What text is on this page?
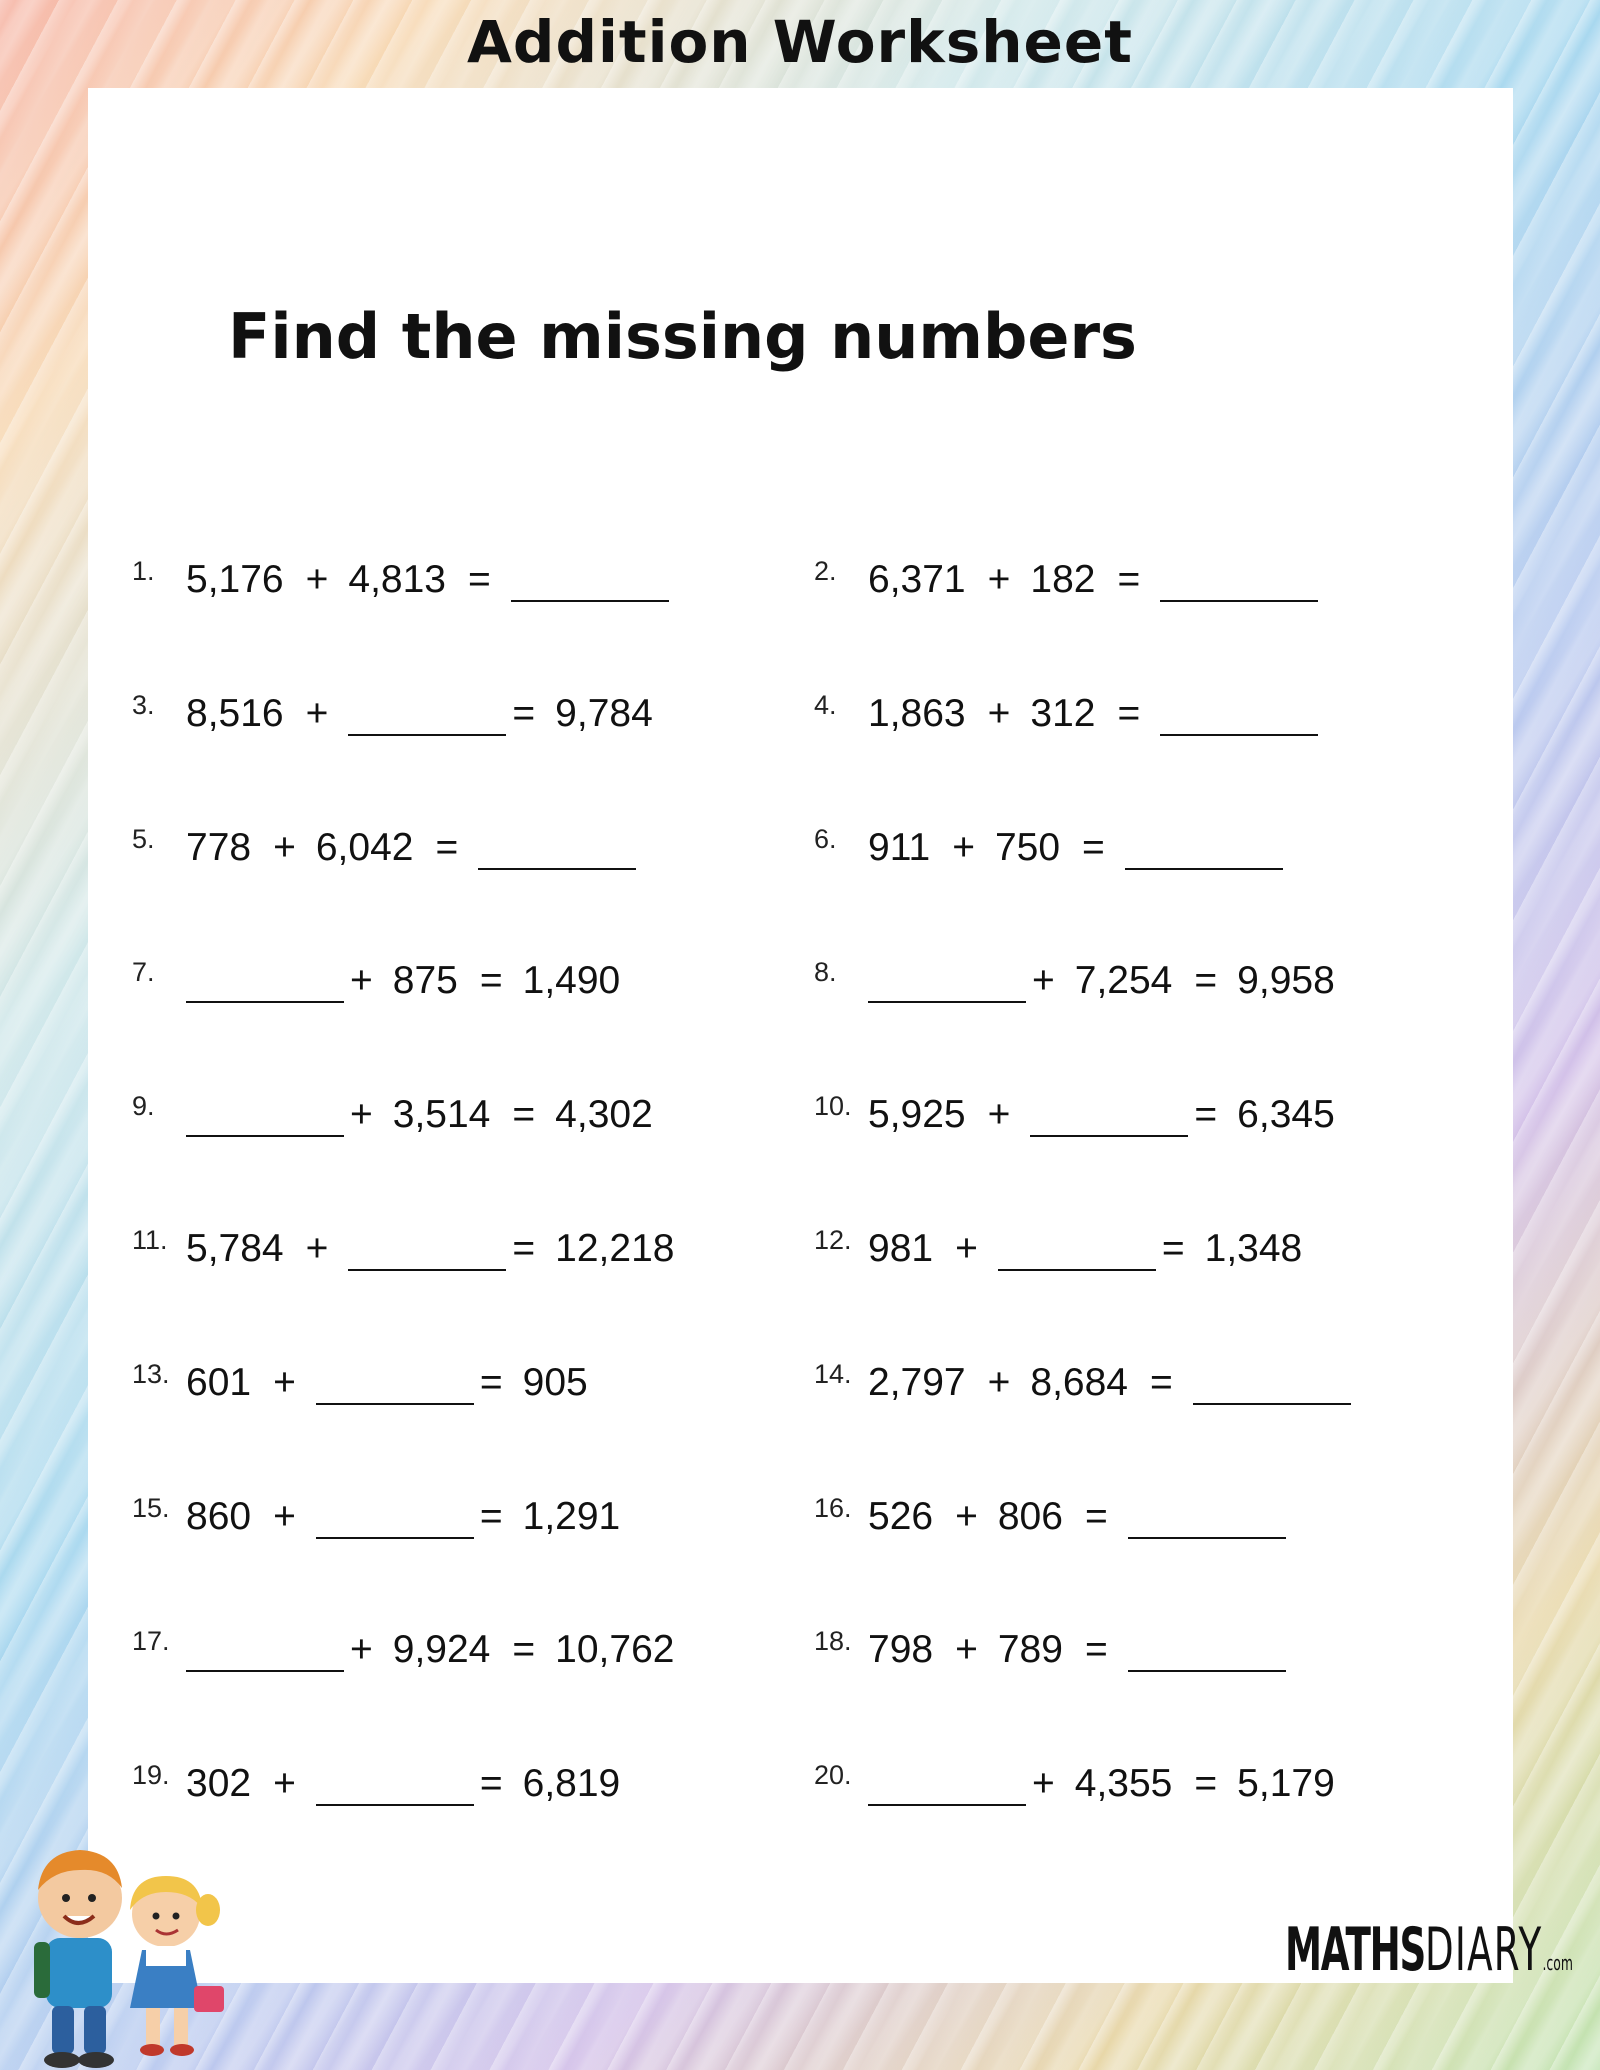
Addition Worksheet
Find the missing numbers
1. 5,176 + 4,813 =	2. 6,371 + 182 =
3. 8,516 +	= 9,784	4. 1,863 + 312 =
5. 778 + 6,042 =	6. 911 + 750 =
7.	+ 875 = 1,490	8.	+ 7,254 = 9,958
9.	+ 3,514 = 4,302	10. 5,925 +	= 6,345
11. 5,784 +	= 12,218	12. 981 +	= 1,348
13. 601 +	= 905	14. 2,797 + 8,684 =
15. 860 +	= 1,291	16. 526 + 806 =
17.	+ 9,924 = 10,762	18. 798 + 789 =
19. 302 +	= 6,819	20.	+ 4,355 = 5,179
MATHSDIARY.com
